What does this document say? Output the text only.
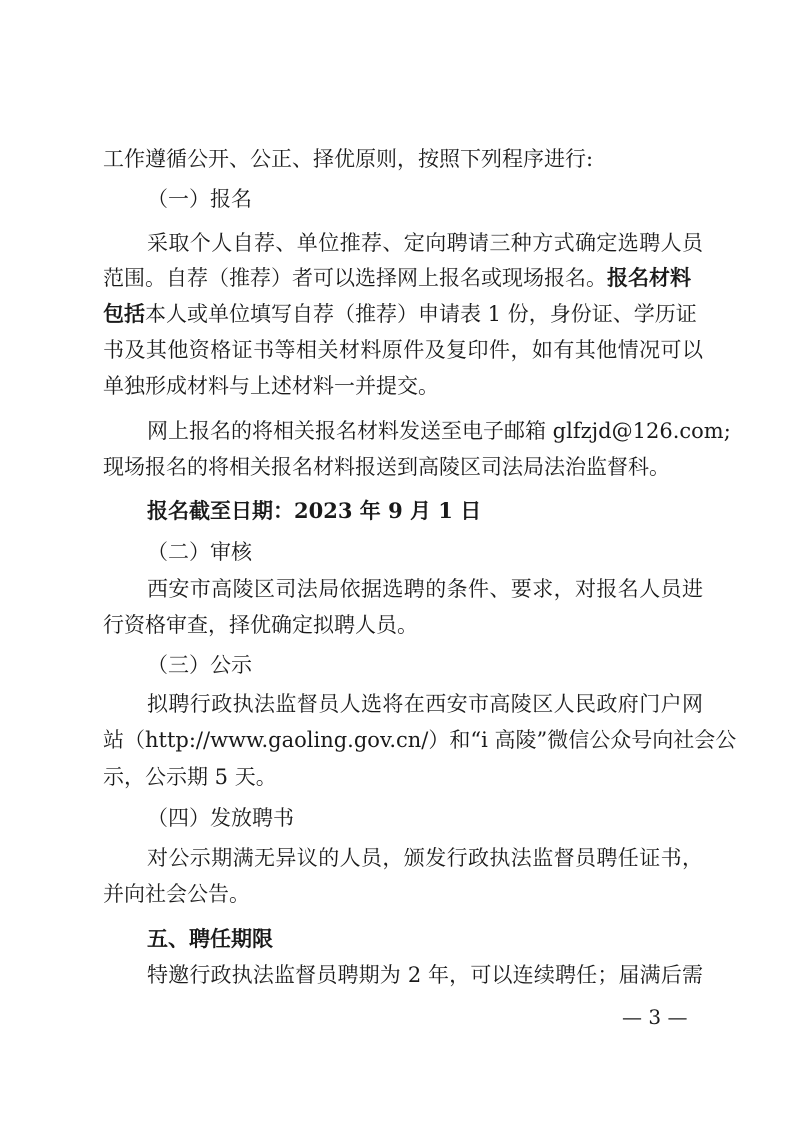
工作遵循公开、公正、择优原则，按照下列程序进行:
（一）报名
采取个人自荐、单位推荐、定向聘请三种方式确定选聘人员
范围。自荐（推荐）者可以选择网上报名或现场报名。报名材料
包括本人或单位填写自荐（推荐）申请表 1 份，身份证、学历证
书及其他资格证书等相关材料原件及复印件，如有其他情况可以
单独形成材料与上述材料一并提交。
网上报名的将相关报名材料发送至电子邮箱 glfzjd@126.com;
现场报名的将相关报名材料报送到高陵区司法局法治监督科。
报名截至日期：2023 年 9 月 1 日
（二）审核
西安市高陵区司法局依据选聘的条件、要求，对报名人员进
行资格审查，择优确定拟聘人员。
（三）公示
拟聘行政执法监督员人选将在西安市高陵区人民政府门户网
站（http://www.gaoling.gov.cn/）和“i 高陵”微信公众号向社会公
示，公示期 5 天。
（四）发放聘书
对公示期满无异议的人员，颁发行政执法监督员聘任证书，
并向社会公告。
五、聘任期限
特邀行政执法监督员聘期为 2 年，可以连续聘任；届满后需
— 3 —
